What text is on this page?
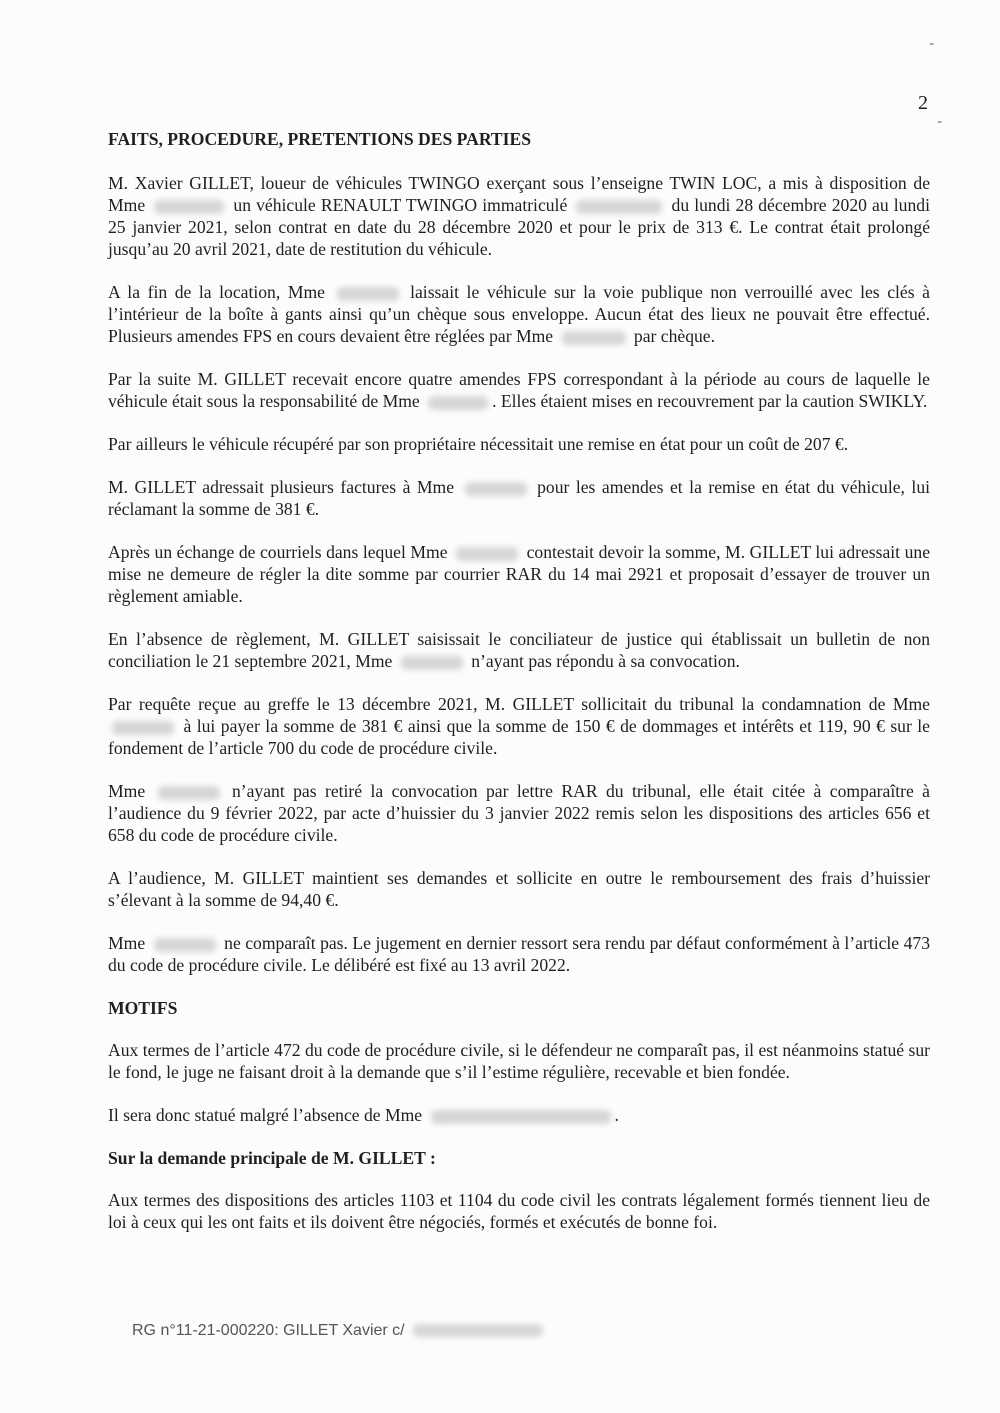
-
-
2
FAITS, PROCEDURE, PRETENTIONS DES PARTIES

M. Xavier GILLET, loueur de véhicules TWINGO exerçant sous l’enseigne TWIN LOC, a mis à disposition de Mme	un véhicule RENAULT TWINGO immatriculé	du lundi 28 décembre 2020 au lundi 25 janvier 2021, selon contrat en date du 28 décembre 2020 et pour le prix de 313 €. Le contrat était prolongé jusqu’au 20 avril 2021, date de restitution du véhicule.

A la fin de la location, Mme	laissait le véhicule sur la voie publique non verrouillé avec les clés à l’intérieur de la boîte à gants ainsi qu’un chèque sous enveloppe. Aucun état des lieux ne pouvait être effectué. Plusieurs amendes FPS en cours devaient être réglées par Mme	par chèque.

Par la suite M. GILLET recevait encore quatre amendes FPS correspondant à la période au cours de laquelle le véhicule était sous la responsabilité de Mme	. Elles étaient mises en recouvrement par la caution SWIKLY.

Par ailleurs le véhicule récupéré par son propriétaire nécessitait une remise en état pour un coût de 207 €.

M. GILLET adressait plusieurs factures à Mme	pour les amendes et la remise en état du véhicule, lui réclamant la somme de 381 €.

Après un échange de courriels dans lequel Mme	contestait devoir la somme, M. GILLET lui adressait une mise ne demeure de régler la dite somme par courrier RAR du 14 mai 2921 et proposait d’essayer de trouver un règlement amiable.

En l’absence de règlement, M. GILLET saisissait le conciliateur de justice qui établissait un bulletin de non conciliation le 21 septembre 2021, Mme	n’ayant pas répondu à sa convocation.

Par requête reçue au greffe le 13 décembre 2021, M. GILLET sollicitait du tribunal la condamnation de Mme  à lui payer la somme de 381 € ainsi que la somme de 150 € de dommages et intérêts et 119, 90 € sur le fondement de l’article 700 du code de procédure civile.

Mme	n’ayant pas retiré la convocation par lettre RAR du tribunal, elle était citée à comparaître à l’audience du 9 février 2022, par acte d’huissier du 3 janvier 2022 remis selon les dispositions des articles 656 et 658 du code de procédure civile.

A l’audience, M. GILLET maintient ses demandes et sollicite en outre le remboursement des frais d’huissier s’élevant à la somme de 94,40 €.

Mme	ne comparaît pas. Le jugement en dernier ressort sera rendu par défaut conformément à l’article 473 du code de procédure civile. Le délibéré est fixé au 13 avril 2022.

MOTIFS

Aux termes de l’article 472 du code de procédure civile, si le défendeur ne comparaît pas, il est néanmoins statué sur le fond, le juge ne faisant droit à la demande que s’il l’estime régulière, recevable et bien fondée.

Il sera donc statué malgré l’absence de Mme	.

Sur la demande principale de M. GILLET :

Aux termes des dispositions des articles 1103 et 1104 du code civil les contrats légalement formés tiennent lieu de loi à ceux qui les ont faits et ils doivent être négociés, formés et exécutés de bonne foi.

RG n°11-21-000220: GILLET Xavier c/
